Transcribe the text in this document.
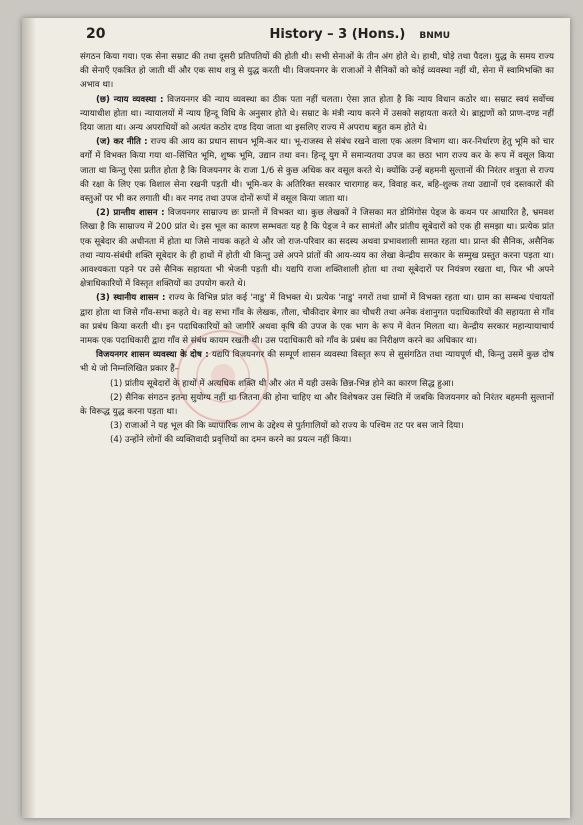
20	History – 3 (Hons.) BNMU

संगठन किया गया। एक सेना सम्राट की तथा दूसरी प्रतिपतियों की होती थी। सभी सेनाओं के तीन अंग होते थे। हाथी, घोड़े तथा पैदल। युद्ध के समय राज्य की सेनाएँ एकत्रित हो जाती थीं और एक साथ शत्रु से युद्ध करती थी। विजयनगर के राजाओं ने सैनिकों को कोई व्यवस्था नहीं थी, सेना में स्वामिभक्ति का अभाव था।

(छ) न्याय व्यवस्था : विजयनगर की न्याय व्यवस्था का ठीक पता नहीं चलता। ऐसा ज्ञात होता है कि न्याय विधान कठोर था। सम्राट स्वयं सर्वोच्च न्यायाधीश होता था। न्यायालयों में न्याय हिन्दू विधि के अनुसार होते थे। सम्राट के मंत्री न्याय करने में उसको सहायता करते थे। ब्राह्मणों को प्राण-दण्ड नहीं दिया जाता था। अन्य अपराधियों को अत्यंत कठोर दण्ड दिया जाता था इसलिए राज्य में अपराध बहुत कम होते थे।

(ज) कर नीति : राज्य की आय का प्रधान साधन भूमि-कर था। भू-राजस्व से संबंध रखने वाला एक अलग विभाग था। कर-निर्धारण हेतु भूमि को चार वर्गों में विभक्त किया गया था–सिंचित भूमि, शुष्क भूमि, उद्यान तथा वन। हिन्दू युग में समान्यतया उपज का छठा भाग राज्य कर के रूप में वसूल किया जाता था किन्तु ऐसा प्रतीत होता है कि विजयनगर के राजा 1/6 से कुछ अधिक कर वसूल करते थे। क्योंकि उन्हें बहमनी सुल्तानों की निरंतर शत्रुता से राज्य की रक्षा के लिए एक विशाल सेना रखनी पड़ती थी। भूमि-कर के अतिरिक्त सरकार चारागाह कर, विवाह कर, बहि-शुल्क तथा उद्यानों एवं दस्तकारों की वस्तुओं पर भी कर लगाती थी। कर नगद तथा उपज दोनों रूपों में वसूल किया जाता था।

(2) प्रान्तीय शासन : विजयनगर साम्राज्य छः प्रान्तों में विभक्त था। कुछ लेखकों ने जिसका मत डोमिंगोस पेड्ज के कथन पर आधारित है, भ्रमवश लिखा है कि साम्राज्य में 200 प्रांत थे। इस भूल का कारण सम्भवतः यह है कि पेड्ज ने कर सामंतों और प्रांतीय सूबेदारों को एक ही समझा था। प्रत्येक प्रांत एक सूबेदार की अधीनता में होता था जिसे नायक कहते थे और जो राज-परिवार का सदस्य अथवा प्रभावशाली सामत रहता था। प्रान्त की सैनिक, असैनिक तथा न्याय-संबंधी शक्ति सूबेदार के ही हाथों में होती थी किन्तु उसे अपने प्रांतों की आय-व्यय का लेखा केन्द्रीय सरकार के सम्मुख प्रस्तुत करना पड़ता था। आवश्यकता पड़ने पर उसे सैनिक सहायता भी भेजनी पड़ती थी। यद्यपि राजा शक्तिशाली होता था तथा सूबेदारों पर नियंत्रण रखता था, फिर भी अपने क्षेत्राधिकारियों में विस्तृत शक्तियों का उपयोग करते थे।

(3) स्थानीय शासन : राज्य के विभिन्न प्रांत कई 'नाडु' में विभक्त थे। प्रत्येक 'नाडु' नगरों तथा ग्रामों में विभक्त रहता था। ग्राम का सम्बन्ध पंचायतों द्वारा होता था जिसे गाँव-सभा कहते थे। वह सभा गाँव के लेखक, तौला, चौकीदार बेगार का चौधरी तथा अनेक वंशानुगत पदाधिकारियों की सहायता से गाँव का प्रबंध किया करती थी। इन पदाधिकारियों को जागीरें अथवा कृषि की उपज के एक भाग के रूप में वेतन मिलता था। केन्द्रीय सरकार महान्यायाचार्य नामक एक पदाधिकारी द्वारा गाँव से संबंध कायम रखती थी। उस पदाधिकारी को गाँव के प्रबंध का निरीक्षण करने का अधिकार था।

विजयनगर शासन व्यवस्था के दोष : यद्यपि विजयनगर की सम्पूर्ण शासन व्यवस्था विस्तृत रूप से सुसंगठित तथा न्यायपूर्ण थी, किन्तु उसमें कुछ दोष भी थे जो निम्नलिखित प्रकार हैं–

(1) प्रांतीय सूबेदारों के हाथों में अत्यधिक शक्ति थी और अंत में यही उसके छिन्न-भिन्न होने का कारण सिद्ध हुआ।

(2) सैनिक संगठन इतना सुयोग्य नहीं था जितना की होना चाहिए था और विशेषकर उस स्थिति में जबकि विजयनगर को निरंतर बहमनी सुल्तानों के विरूद्ध युद्ध करना पड़ता था।

(3) राजाओं ने यह भूल की कि व्यापारिक लाभ के उद्देश्य से पुर्तगालियों को राज्य के पश्चिम तट पर बस जाने दिया।

(4) उन्होंने लोगों की व्यक्तिवादी प्रवृत्तियों का दमन करने का प्रयत्न नहीं किया।
